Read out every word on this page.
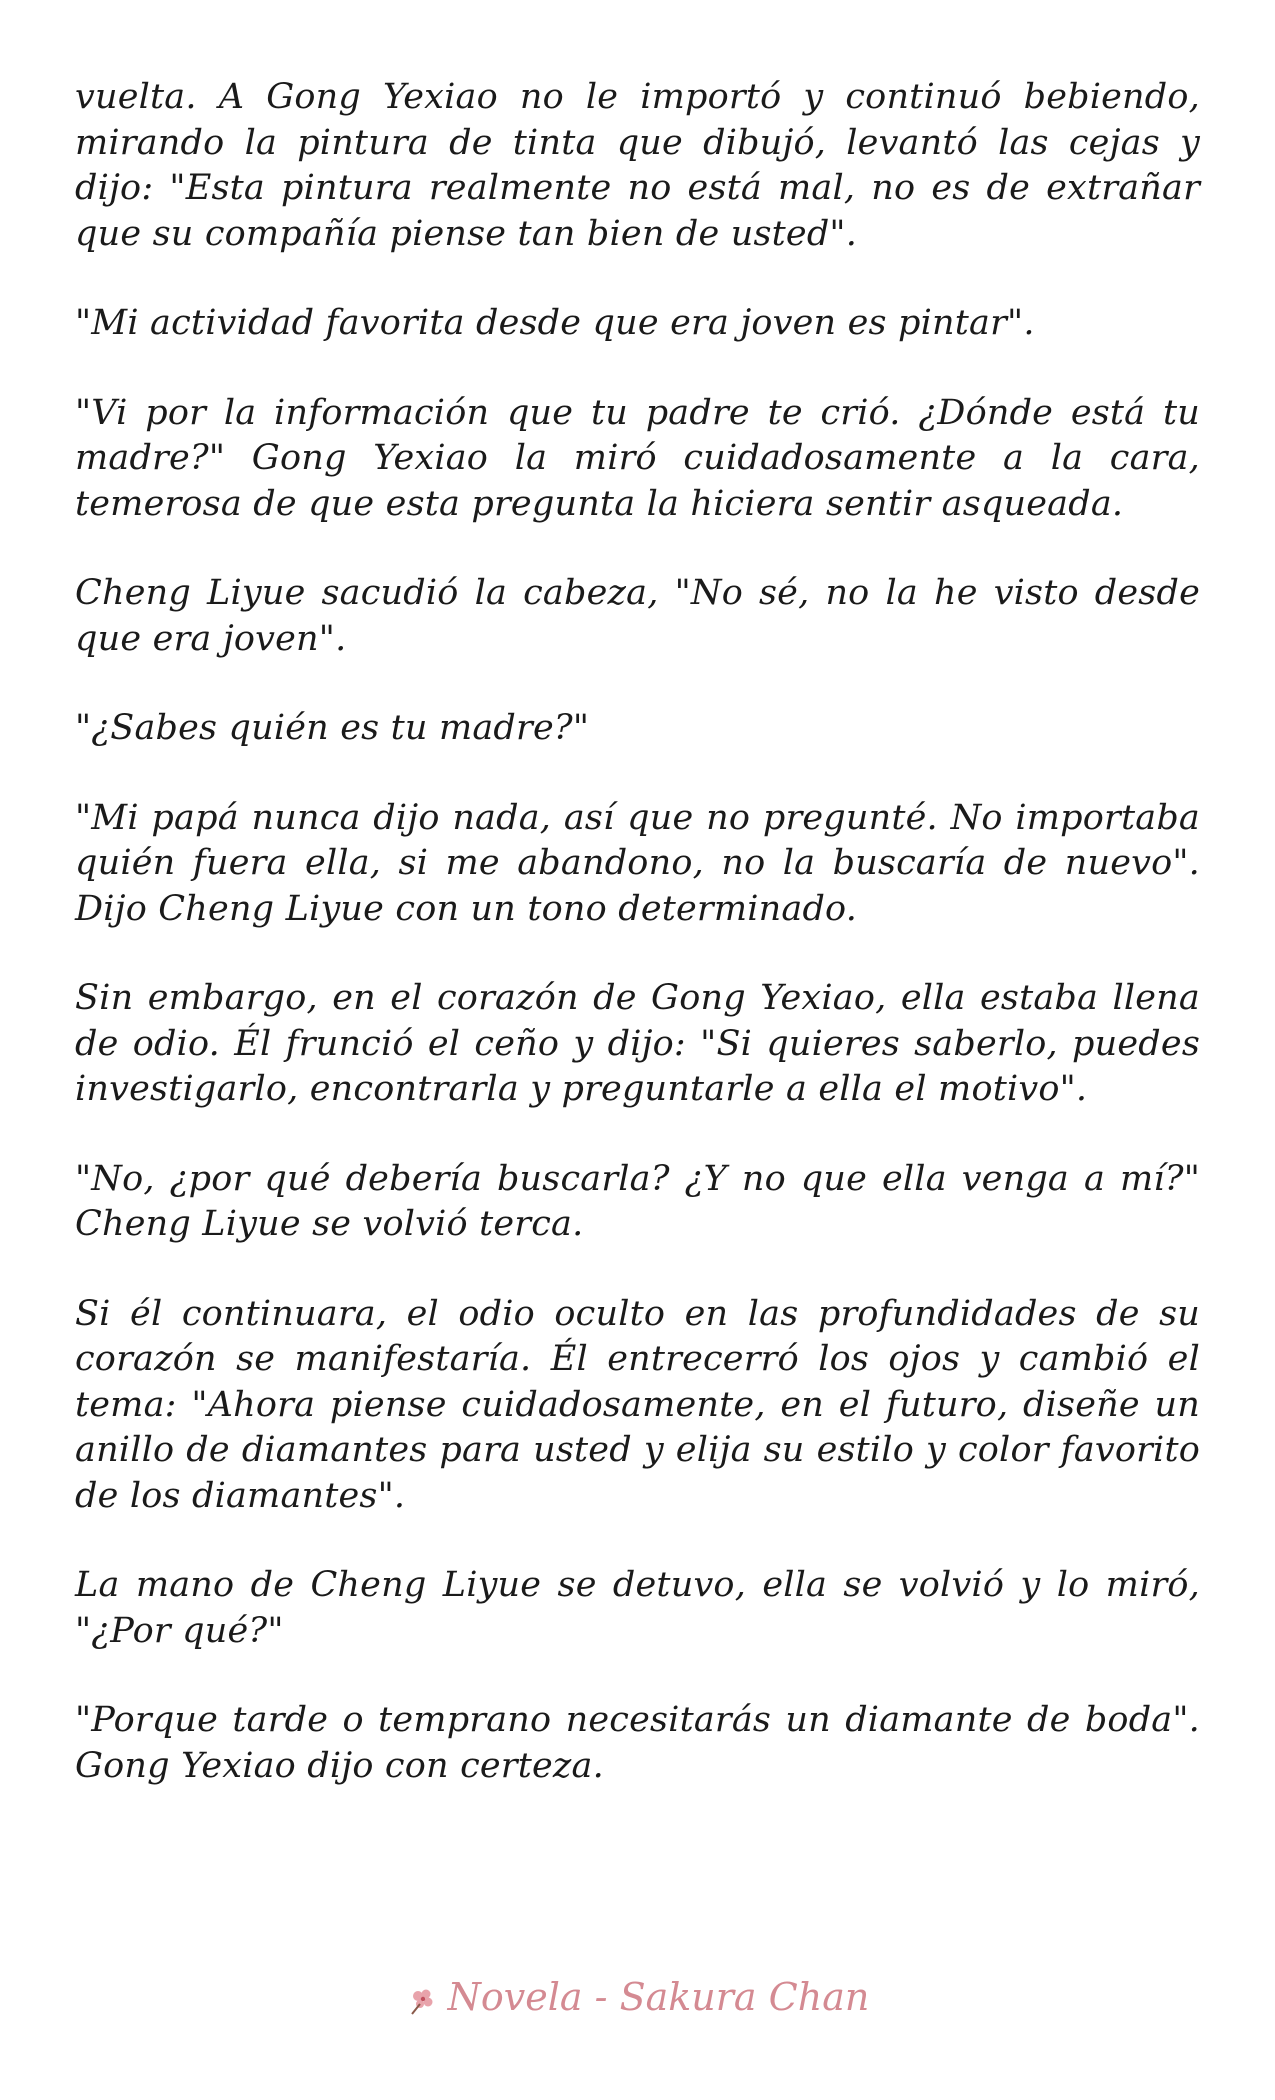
vuelta. A Gong Yexiao no le importó y continuó bebiendo, mirando la pintura de tinta que dibujó, levantó las cejas y dijo: "Esta pintura realmente no está mal, no es de extrañar que su compañía piense tan bien de usted".

"Mi actividad favorita desde que era joven es pintar".

"Vi por la información que tu padre te crió. ¿Dónde está tu madre?" Gong Yexiao la miró cuidadosamente a la cara, temerosa de que esta pregunta la hiciera sentir asqueada.

Cheng Liyue sacudió la cabeza, "No sé, no la he visto desde que era joven".

"¿Sabes quién es tu madre?"

"Mi papá nunca dijo nada, así que no pregunté. No importaba quién fuera ella, si me abandono, no la buscaría de nuevo". Dijo Cheng Liyue con un tono determinado.

Sin embargo, en el corazón de Gong Yexiao, ella estaba llena de odio. Él frunció el ceño y dijo: "Si quieres saberlo, puedes investigarlo, encontrarla y preguntarle a ella el motivo".

"No, ¿por qué debería buscarla? ¿Y no que ella venga a mí?" Cheng Liyue se volvió terca.

Si él continuara, el odio oculto en las profundidades de su corazón se manifestaría. Él entrecerró los ojos y cambió el tema: "Ahora piense cuidadosamente, en el futuro, diseñe un anillo de diamantes para usted y elija su estilo y color favorito de los diamantes".

La mano de Cheng Liyue se detuvo, ella se volvió y lo miró, "¿Por qué?"

"Porque tarde o temprano necesitarás un diamante de boda". Gong Yexiao dijo con certeza.

Novela - Sakura Chan
